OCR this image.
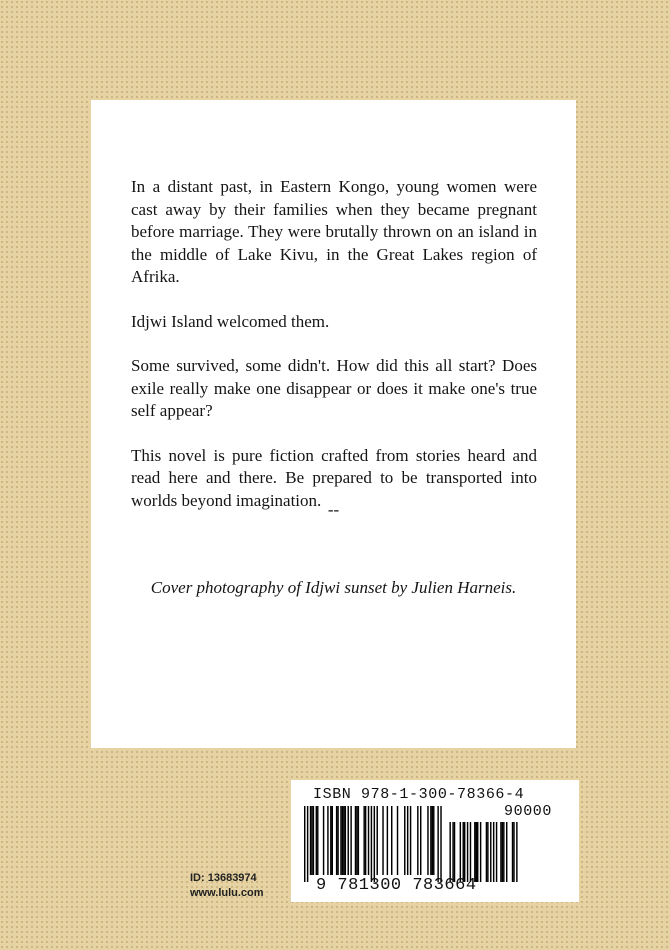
In a distant past, in Eastern Kongo, young women were cast away by their families when they became pregnant before marriage. They were brutally thrown on an island in the middle of Lake Kivu, in the Great Lakes region of Afrika.

Idjwi Island welcomed them.

Some survived, some didn't. How did this all start? Does exile really make one disappear or does it make one's true self appear?

This novel is pure fiction crafted from stories heard and read here and there. Be prepared to be transported into worlds beyond imagination. --
Cover photography of Idjwi sunset by Julien Harneis.
ID: 13683974
www.lulu.com
ISBN 978-1-300-78366-4
90000
9 781300 783664
